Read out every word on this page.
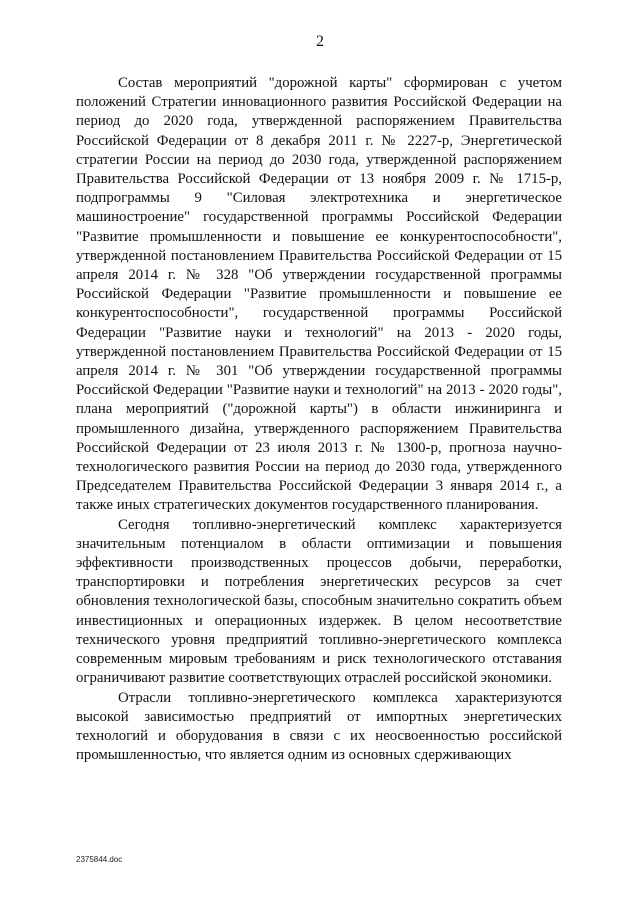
2

Состав мероприятий "дорожной карты" сформирован с учетом положений Стратегии инновационного развития Российской Федерации на период до 2020 года, утвержденной распоряжением Правительства Российской Федерации от 8 декабря 2011 г. № 2227-р, Энергетической стратегии России на период до 2030 года, утвержденной распоряжением Правительства Российской Федерации от 13 ноября 2009 г. № 1715-р, подпрограммы 9 "Силовая электротехника и энергетическое машиностроение" государственной программы Российской Федерации "Развитие промышленности и повышение ее конкурентоспособности", утвержденной постановлением Правительства Российской Федерации от 15 апреля 2014 г. № 328 "Об утверждении государственной программы Российской Федерации "Развитие промышленности и повышение ее конкурентоспособности", государственной программы Российской Федерации "Развитие науки и технологий" на 2013 - 2020 годы, утвержденной постановлением Правительства Российской Федерации от 15 апреля 2014 г. № 301 "Об утверждении государственной программы Российской Федерации "Развитие науки и технологий" на 2013 - 2020 годы", плана мероприятий ("дорожной карты") в области инжиниринга и промышленного дизайна, утвержденного распоряжением Правительства Российской Федерации от 23 июля 2013 г. № 1300-р, прогноза научно-технологического развития России на период до 2030 года, утвержденного Председателем Правительства Российской Федерации 3 января 2014 г., а также иных стратегических документов государственного планирования.

Сегодня топливно-энергетический комплекс характеризуется значительным потенциалом в области оптимизации и повышения эффективности производственных процессов добычи, переработки, транспортировки и потребления энергетических ресурсов за счет обновления технологической базы, способным значительно сократить объем инвестиционных и операционных издержек. В целом несоответствие технического уровня предприятий топливно-энергетического комплекса современным мировым требованиям и риск технологического отставания ограничивают развитие соответствующих отраслей российской экономики.

Отрасли топливно-энергетического комплекса характеризуются высокой зависимостью предприятий от импортных энергетических технологий и оборудования в связи с их неосвоенностью российской промышленностью, что является одним из основных сдерживающих

2375844.doc
